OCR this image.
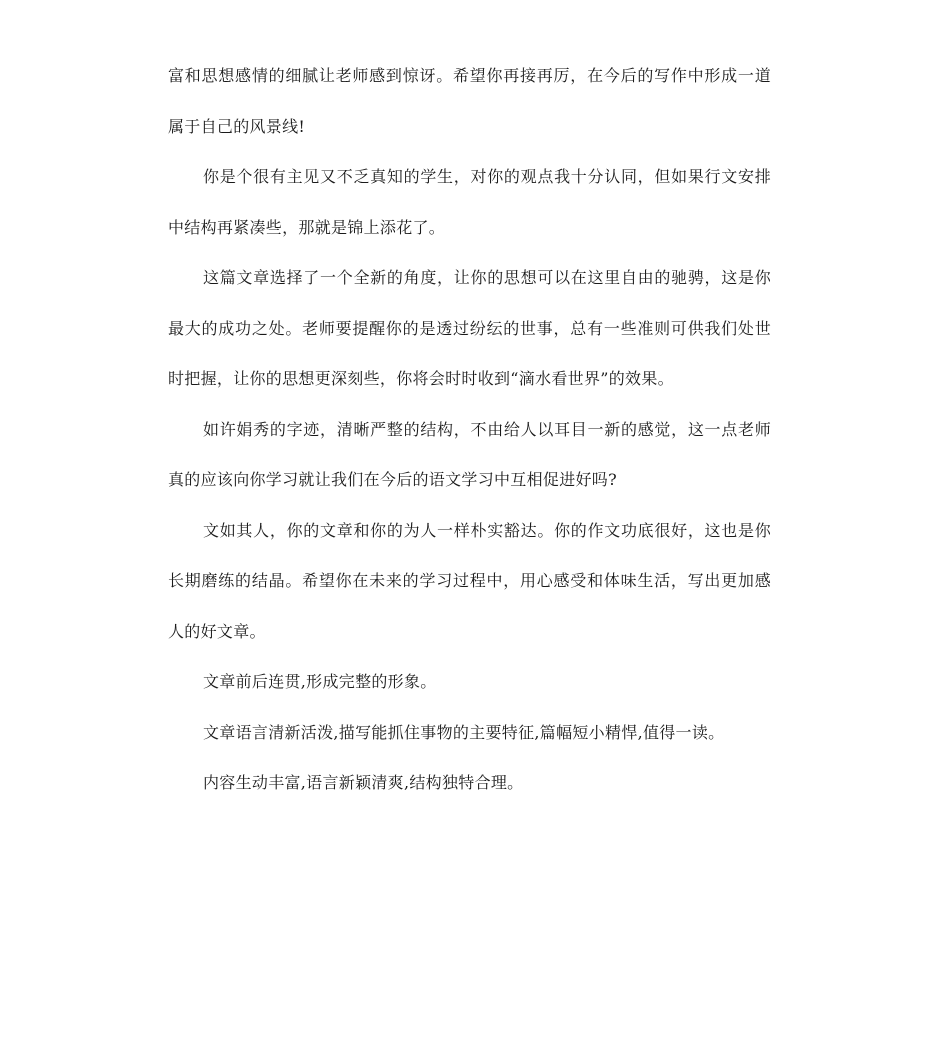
富和思想感情的细腻让老师感到惊讶。希望你再接再厉，在今后的写作中形成一道属于自己的风景线!

你是个很有主见又不乏真知的学生，对你的观点我十分认同，但如果行文安排中结构再紧凑些，那就是锦上添花了。

这篇文章选择了一个全新的角度，让你的思想可以在这里自由的驰骋，这是你最大的成功之处。老师要提醒你的是透过纷纭的世事，总有一些准则可供我们处世时把握，让你的思想更深刻些，你将会时时收到“滴水看世界”的效果。

如许娟秀的字迹，清晰严整的结构，不由给人以耳目一新的感觉，这一点老师真的应该向你学习就让我们在今后的语文学习中互相促进好吗?

文如其人，你的文章和你的为人一样朴实豁达。你的作文功底很好，这也是你长期磨练的结晶。希望你在未来的学习过程中，用心感受和体味生活，写出更加感人的好文章。

文章前后连贯,形成完整的形象。

文章语言清新活泼,描写能抓住事物的主要特征,篇幅短小精悍,值得一读。

内容生动丰富,语言新颖清爽,结构独特合理。
